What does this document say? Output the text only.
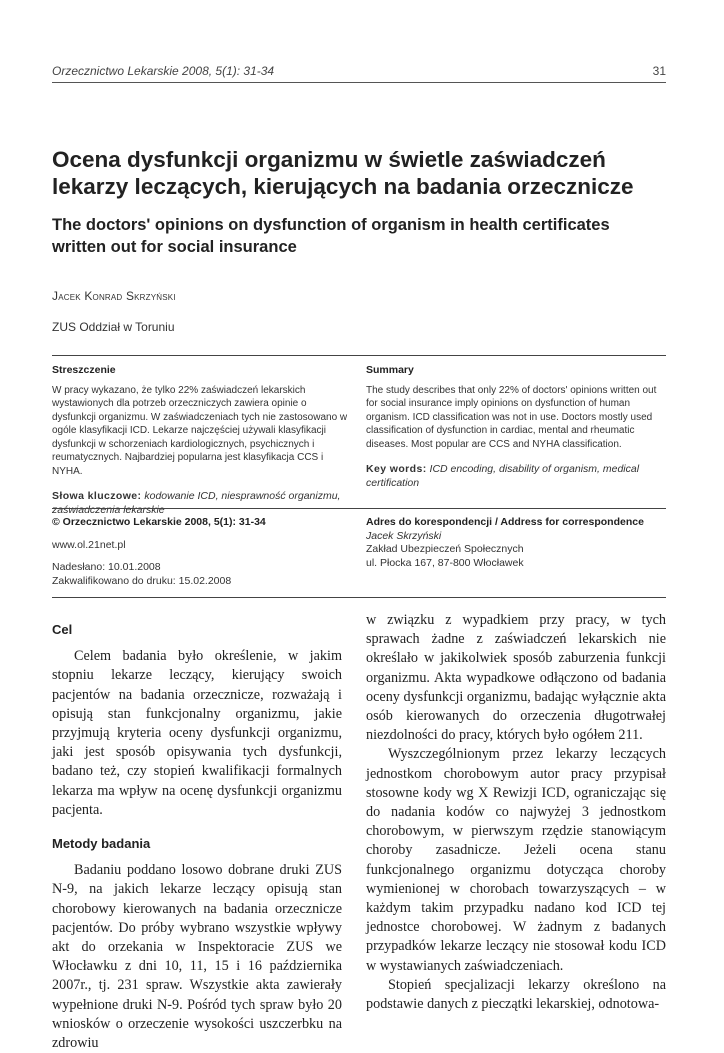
Orzecznictwo Lekarskie 2008, 5(1): 31-34	31
Ocena dysfunkcji organizmu w świetle zaświadczeń lekarzy leczących, kierujących na badania orzecznicze
The doctors' opinions on dysfunction of organism in health certificates written out for social insurance
Jacek Konrad Skrzyński
ZUS Oddział w Toruniu
Streszczenie

W pracy wykazano, że tylko 22% zaświadczeń lekarskich wystawionych dla potrzeb orzeczniczych zawiera opinie o dysfunkcji organizmu. W zaświadczeniach tych nie zastosowano w ogóle klasyfikacji ICD. Lekarze najczęściej używali klasyfikacji dysfunkcji w schorzeniach kardiologicznych, psychicznych i reumatycznych. Najbardziej popularna jest klasyfikacja CCS i NYHA.

Słowa kluczowe: kodowanie ICD, niesprawność organizmu, zaświadczenia lekarskie

Summary

The study describes that only 22% of doctors' opinions written out for social insurance imply opinions on dysfunction of human organism. ICD classification was not in use. Doctors mostly used classification of dysfunction in cardiac, mental and rheumatic diseases. Most popular are CCS and NYHA classification.

Key words: ICD encoding, disability of organism, medical certification

© Orzecznictwo Lekarskie 2008, 5(1): 31-34
www.ol.21net.pl
Nadesłano: 10.01.2008
Zakwalifikowano do druku: 15.02.2008
Adres do korespondencji / Address for correspondence
Jacek Skrzyński
Zakład Ubezpieczeń Społecznych
ul. Płocka 167, 87-800 Włocławek
Cel

Celem badania było określenie, w jakim stopniu lekarze leczący, kierujący swoich pacjentów na badania orzecznicze, rozważają i opisują stan funkcjonalny organizmu, jakie przyjmują kryteria oceny dysfunkcji organizmu, jaki jest sposób opisywania tych dysfunkcji, badano też, czy stopień kwalifikacji formalnych lekarza ma wpływ na ocenę dysfunkcji organizmu pacjenta.

Metody badania

Badaniu poddano losowo dobrane druki ZUS N-9, na jakich lekarze leczący opisują stan chorobowy kierowanych na badania orzecznicze pacjentów. Do próby wybrano wszystkie wpływy akt do orzekania w Inspektoracie ZUS we Włocławku z dni 10, 11, 15 i 16 października 2007r., tj. 231 spraw. Wszystkie akta zawierały wypełnione druki N-9. Pośród tych spraw było 20 wniosków o orzeczenie wysokości uszczerbku na zdrowiu

w związku z wypadkiem przy pracy, w tych sprawach żadne z zaświadczeń lekarskich nie określało w jakikolwiek sposób zaburzenia funkcji organizmu. Akta wypadkowe odłączono od badania oceny dysfunkcji organizmu, badając wyłącznie akta osób kierowanych do orzeczenia długotrwałej niezdolności do pracy, których było ogółem 211.

Wyszczególnionym przez lekarzy leczących jednostkom chorobowym autor pracy przypisał stosowne kody wg X Rewizji ICD, ograniczając się do nadania kodów co najwyżej 3 jednostkom chorobowym, w pierwszym rzędzie stanowiącym choroby zasadnicze. Jeżeli ocena stanu funkcjonalnego organizmu dotycząca choroby wymienionej w chorobach towarzyszących – w każdym takim przypadku nadano kod ICD tej jednostce chorobowej. W żadnym z badanych przypadków lekarze leczący nie stosował kodu ICD w wystawianych zaświadczeniach.

Stopień specjalizacji lekarzy określono na podstawie danych z pieczątki lekarskiej, odnotowa-
